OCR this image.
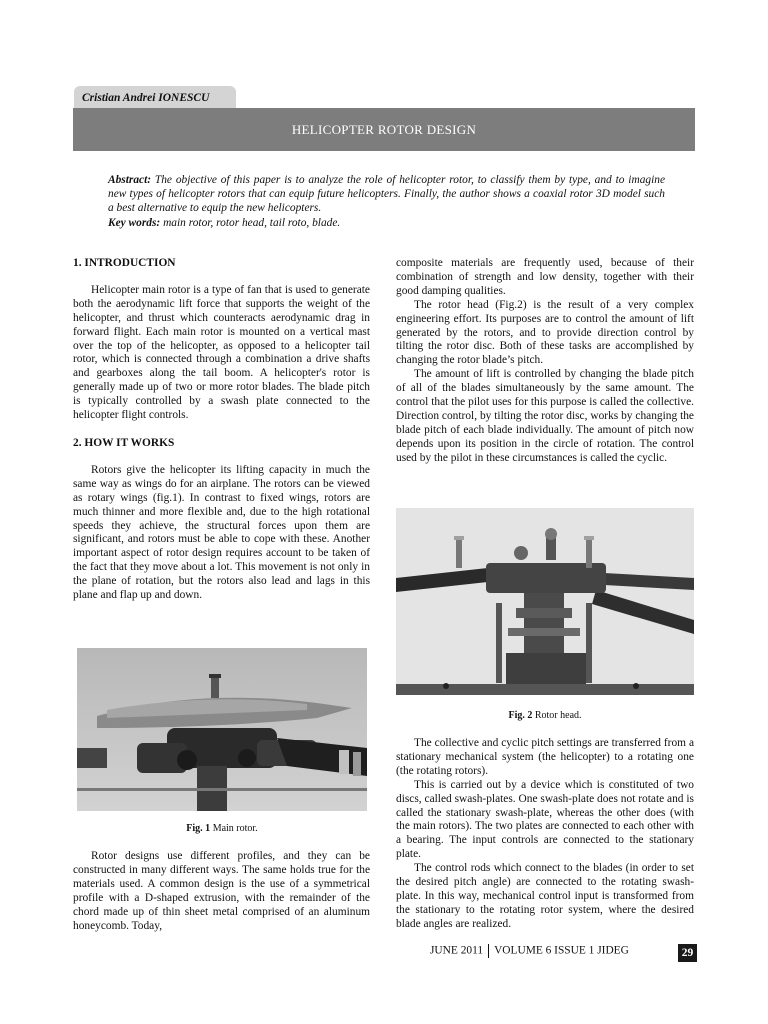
Cristian Andrei IONESCU
HELICOPTER ROTOR DESIGN
Abstract: The objective of this paper is to analyze the role of helicopter rotor, to classify them by type, and to imagine new types of helicopter rotors that can equip future helicopters. Finally, the author shows a coaxial rotor 3D model such a best alternative to equip the new helicopters.
Key words: main rotor, rotor head, tail roto, blade.
1. INTRODUCTION

Helicopter main rotor is a type of fan that is used to generate both the aerodynamic lift force that supports the weight of the helicopter, and thrust which counteracts aerodynamic drag in forward flight. Each main rotor is mounted on a vertical mast over the top of the helicopter, as opposed to a helicopter tail rotor, which is connected through a combination a drive shafts and gearboxes along the tail boom. A helicopter's rotor is generally made up of two or more rotor blades. The blade pitch is typically controlled by a swash plate connected to the helicopter flight controls.

2. HOW IT WORKS

Rotors give the helicopter its lifting capacity in much the same way as wings do for an airplane. The rotors can be viewed as rotary wings (fig.1). In contrast to fixed wings, rotors are much thinner and more flexible and, due to the high rotational speeds they achieve, the structural forces upon them are significant, and rotors must be able to cope with these. Another important aspect of rotor design requires account to be taken of the fact that they move about a lot. This movement is not only in the plane of rotation, but the rotors also lead and lags in this plane and flap up and down.

Fig. 1 Main rotor.

Rotor designs use different profiles, and they can be constructed in many different ways. The same holds true for the materials used. A common design is the use of a symmetrical profile with a D-shaped extrusion, with the remainder of the chord made up of thin sheet metal comprised of an aluminum honeycomb. Today,

composite materials are frequently used, because of their combination of strength and low density, together with their good damping qualities.

The rotor head (Fig.2) is the result of a very complex engineering effort. Its purposes are to control the amount of lift generated by the rotors, and to provide direction control by tilting the rotor disc. Both of these tasks are accomplished by changing the rotor blade’s pitch.

The amount of lift is controlled by changing the blade pitch of all of the blades simultaneously by the same amount. The control that the pilot uses for this purpose is called the collective. Direction control, by tilting the rotor disc, works by changing the blade pitch of each blade individually. The amount of pitch now depends upon its position in the circle of rotation. The control used by the pilot in these circumstances is called the cyclic.

Fig. 2 Rotor head.

The collective and cyclic pitch settings are transferred from a stationary mechanical system (the helicopter) to a rotating one (the rotating rotors).

This is carried out by a device which is constituted of two discs, called swash-plates. One swash-plate does not rotate and is called the stationary swash-plate, whereas the other does (with the main rotors). The two plates are connected to each other with a bearing. The input controls are connected to the stationary plate.

The control rods which connect to the blades (in order to set the desired pitch angle) are connected to the rotating swash-plate. In this way, mechanical control input is transformed from the stationary to the rotating rotor system, where the desired blade angles are realized.

JUNE 2011 VOLUME 6 ISSUE 1 JIDEG	29
